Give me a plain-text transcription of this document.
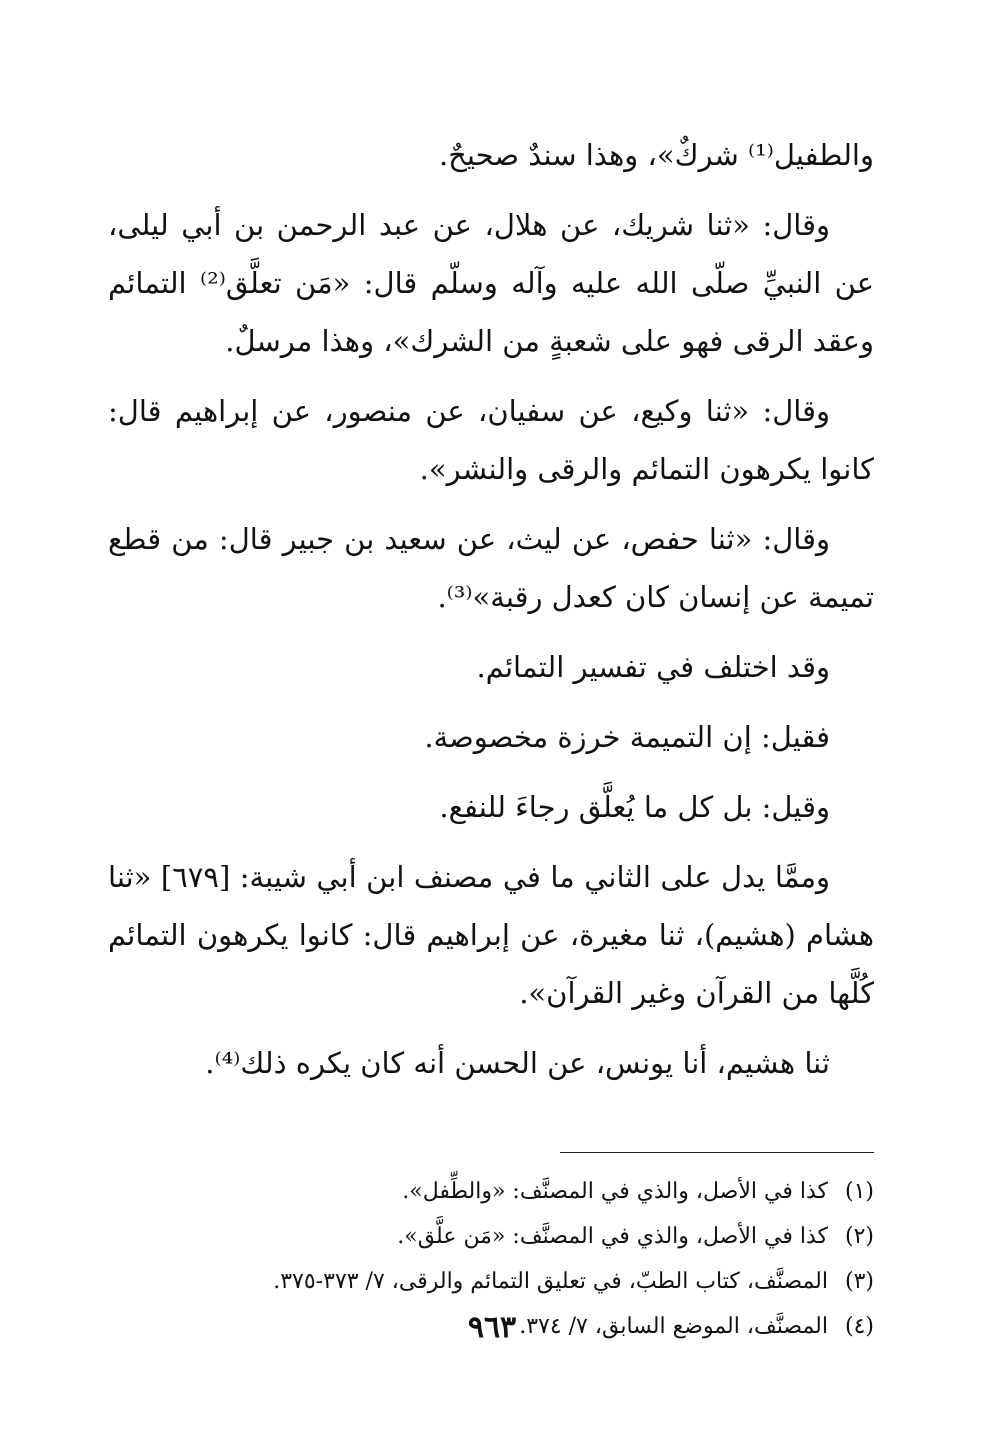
والطفيل⁽¹⁾ شركٌ»، وهذا سندٌ صحيحٌ.
وقال: «ثنا شريك، عن هلال، عن عبد الرحمن بن أبي ليلى، عن النبيِّ صلّى الله عليه وآله وسلّم قال: «مَن تعلَّق⁽²⁾ التمائم وعقد الرقى فهو على شعبةٍ من الشرك»، وهذا مرسلٌ.
وقال: «ثنا وكيع، عن سفيان، عن منصور، عن إبراهيم قال: كانوا يكرهون التمائم والرقى والنشر».
وقال: «ثنا حفص، عن ليث، عن سعيد بن جبير قال: من قطع تميمة عن إنسان كان كعدل رقبة»⁽³⁾.
وقد اختلف في تفسير التمائم.
فقيل: إن التميمة خرزة مخصوصة.
وقيل: بل كل ما يُعلَّق رجاءَ للنفع.
وممَّا يدل على الثاني ما في مصنف ابن أبي شيبة: [٦٧٩] «ثنا هشام (هشيم)، ثنا مغيرة، عن إبراهيم قال: كانوا يكرهون التمائم كُلَّها من القرآن وغير القرآن».
ثنا هشيم، أنا يونس، عن الحسن أنه كان يكره ذلك⁽⁴⁾.
(١) كذا في الأصل، والذي في المصنَّف: «والطِّفل».
(٢) كذا في الأصل، والذي في المصنَّف: «مَن علَّق».
(٣) المصنَّف، كتاب الطبّ، في تعليق التمائم والرقى، ٧/ ٣٧٣-٣٧٥.
(٤) المصنَّف، الموضع السابق، ٧/ ٣٧٤.
٩٦٣
